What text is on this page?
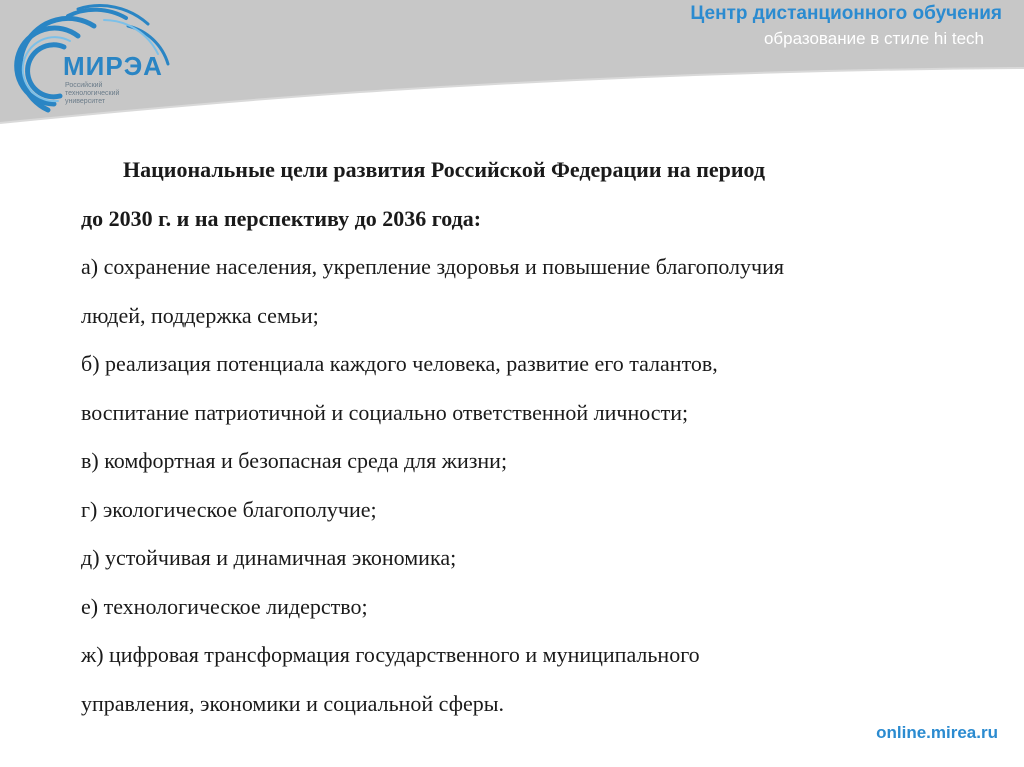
МИРЭА
Российский технологический университет
Центр дистанционного обучения
образование в стиле hi tech

Национальные цели развития Российской Федерации на период

до 2030 г. и на перспективу до 2036 года:

а) сохранение населения, укрепление здоровья и повышение благополучия

людей, поддержка семьи;

б) реализация потенциала каждого человека, развитие его талантов,

воспитание патриотичной и социально ответственной личности;

в) комфортная и безопасная среда для жизни;

г) экологическое благополучие;

д) устойчивая и динамичная экономика;

е) технологическое лидерство;

ж) цифровая трансформация государственного и муниципального

управления, экономики и социальной сферы.

online.mirea.ru
